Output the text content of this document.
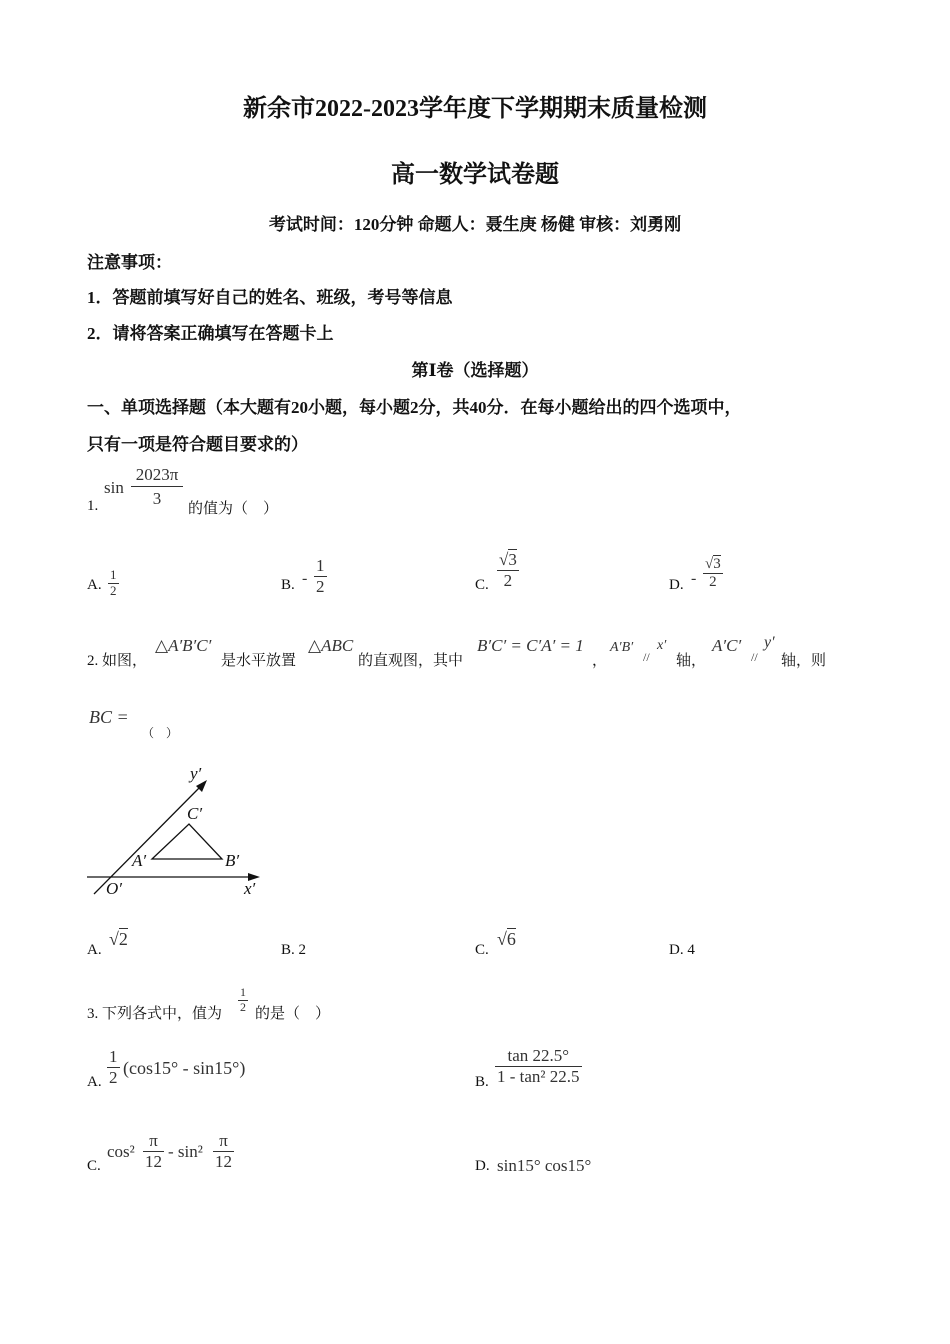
新余市2022-2023学年度下学期期末质量检测
高一数学试卷题
考试时间：120分钟 命题人：聂生庚 杨健 审核：刘勇刚
注意事项：
1．答题前填写好自己的姓名、班级，考号等信息
2．请将答案正确填写在答题卡上
第Ⅰ卷（选择题）
一、单项选择题（本大题有20小题，每小题2分，共40分．在每小题给出的四个选项中，
只有一项是符合题目要求的）
1.
$\sin \frac{2023\pi}{3}$ 的值为（　）
A. $\frac{1}{2}$	B. - $\frac{1}{2}$	C. $\frac{√3}{2}$	D. - $\frac{√3}{2}$
2. 如图，
△A′B′C′
是水平放置
△ABC
的直观图，其中
B′C′ = C′A′ = 1
，
A′B′
//
x′
轴，
A′C′
//
y′
轴，则
BC =
（　）
y′
C′
A′	B′
O′	x′
A.
√2
B. 2	C.
√6
D. 4
3. 下列各式中，值为 $\frac{1}{2}$ 的是（　）
A. $\frac{1}{2} (\cos 15^\circ - \sin 15^\circ)$
B. $\frac{\tan 22.5^\circ}{\text{1 - tan² 22.5}}$
C.
$\cos^2 \frac{\pi}{12} - \sin^2 \frac{\pi}{12}$	D. sin15° cos15°
